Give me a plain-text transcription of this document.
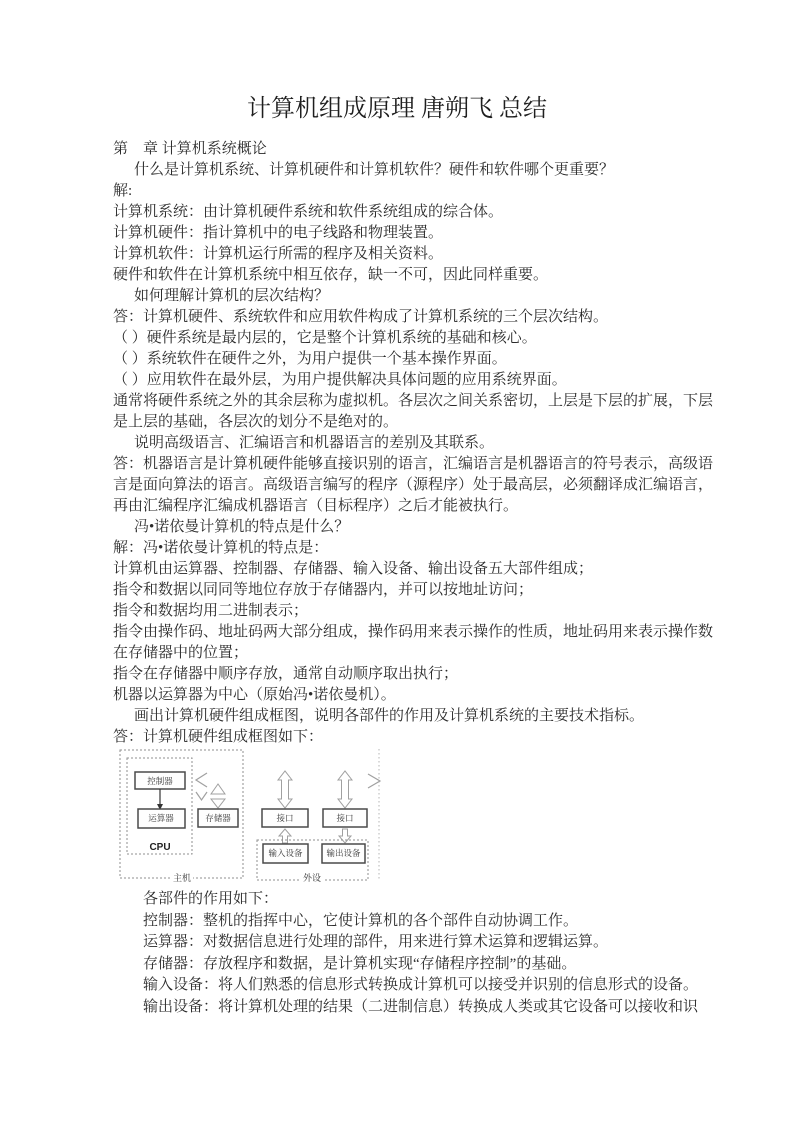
计算机组成原理 唐朔飞 总结
第　章 计算机系统概论
什么是计算机系统、计算机硬件和计算机软件？硬件和软件哪个更重要？
解:
计算机系统：由计算机硬件系统和软件系统组成的综合体。
计算机硬件：指计算机中的电子线路和物理装置。
计算机软件：计算机运行所需的程序及相关资料。
硬件和软件在计算机系统中相互依存，缺一不可，因此同样重要。
如何理解计算机的层次结构？
答：计算机硬件、系统软件和应用软件构成了计算机系统的三个层次结构。
（ ）硬件系统是最内层的，它是整个计算机系统的基础和核心。
（ ）系统软件在硬件之外，为用户提供一个基本操作界面。
（ ）应用软件在最外层，为用户提供解决具体问题的应用系统界面。
通常将硬件系统之外的其余层称为虚拟机。各层次之间关系密切，上层是下层的扩展，下层
是上层的基础，各层次的划分不是绝对的。
说明高级语言、汇编语言和机器语言的差别及其联系。
答：机器语言是计算机硬件能够直接识别的语言，汇编语言是机器语言的符号表示，高级语
言是面向算法的语言。高级语言编写的程序（源程序）处于最高层，必须翻译成汇编语言，
再由汇编程序汇编成机器语言（目标程序）之后才能被执行。
冯•诺依曼计算机的特点是什么？
解：冯•诺依曼计算机的特点是：
计算机由运算器、控制器、存储器、输入设备、输出设备五大部件组成；
指令和数据以同同等地位存放于存储器内，并可以按地址访问；
指令和数据均用二进制表示；
指令由操作码、地址码两大部分组成，操作码用来表示操作的性质，地址码用来表示操作数
在存储器中的位置；
指令在存储器中顺序存放，通常自动顺序取出执行；
机器以运算器为中心（原始冯•诺依曼机）。
画出计算机硬件组成框图，说明各部件的作用及计算机系统的主要技术指标。
答：计算机硬件组成框图如下：
控制器
运算器
CPU
存储器	接口	接口
输入设备	输出设备
主机	外设
各部件的作用如下：
控制器：整机的指挥中心，它使计算机的各个部件自动协调工作。
运算器：对数据信息进行处理的部件，用来进行算术运算和逻辑运算。
存储器：存放程序和数据，是计算机实现“存储程序控制”的基础。
输入设备：将人们熟悉的信息形式转换成计算机可以接受并识别的信息形式的设备。
输出设备：将计算机处理的结果（二进制信息）转换成人类或其它设备可以接收和识
